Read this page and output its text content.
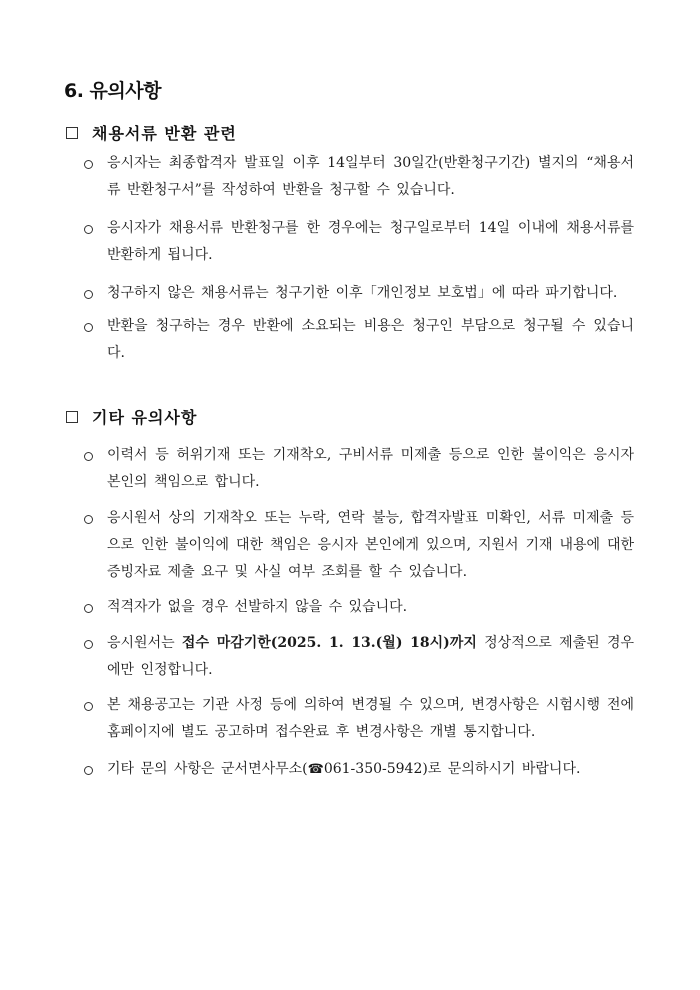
6. 유의사항
채용서류 반환 관련
응시자는 최종합격자 발표일 이후 14일부터 30일간(반환청구기간) 별지의 “채용서류 반환청구서”를 작성하여 반환을 청구할 수 있습니다.
응시자가 채용서류 반환청구를 한 경우에는 청구일로부터 14일 이내에 채용서류를 반환하게 됩니다.
청구하지 않은 채용서류는 청구기한 이후「개인정보 보호법」에 따라 파기합니다.
반환을 청구하는 경우 반환에 소요되는 비용은 청구인 부담으로 청구될 수 있습니다.
기타 유의사항
이력서 등 허위기재 또는 기재착오, 구비서류 미제출 등으로 인한 불이익은 응시자 본인의 책임으로 합니다.
응시원서 상의 기재착오 또는 누락, 연락 불능, 합격자발표 미확인, 서류 미제출 등으로 인한 불이익에 대한 책임은 응시자 본인에게 있으며, 지원서 기재 내용에 대한 증빙자료 제출 요구 및 사실 여부 조회를 할 수 있습니다.
적격자가 없을 경우 선발하지 않을 수 있습니다.
응시원서는 접수 마감기한(2025. 1. 13.(월) 18시)까지 정상적으로 제출된 경우에만 인정합니다.
본 채용공고는 기관 사정 등에 의하여 변경될 수 있으며, 변경사항은 시험시행 전에 홈페이지에 별도 공고하며 접수완료 후 변경사항은 개별 통지합니다.
기타 문의 사항은 군서면사무소(☎061-350-5942)로 문의하시기 바랍니다.
